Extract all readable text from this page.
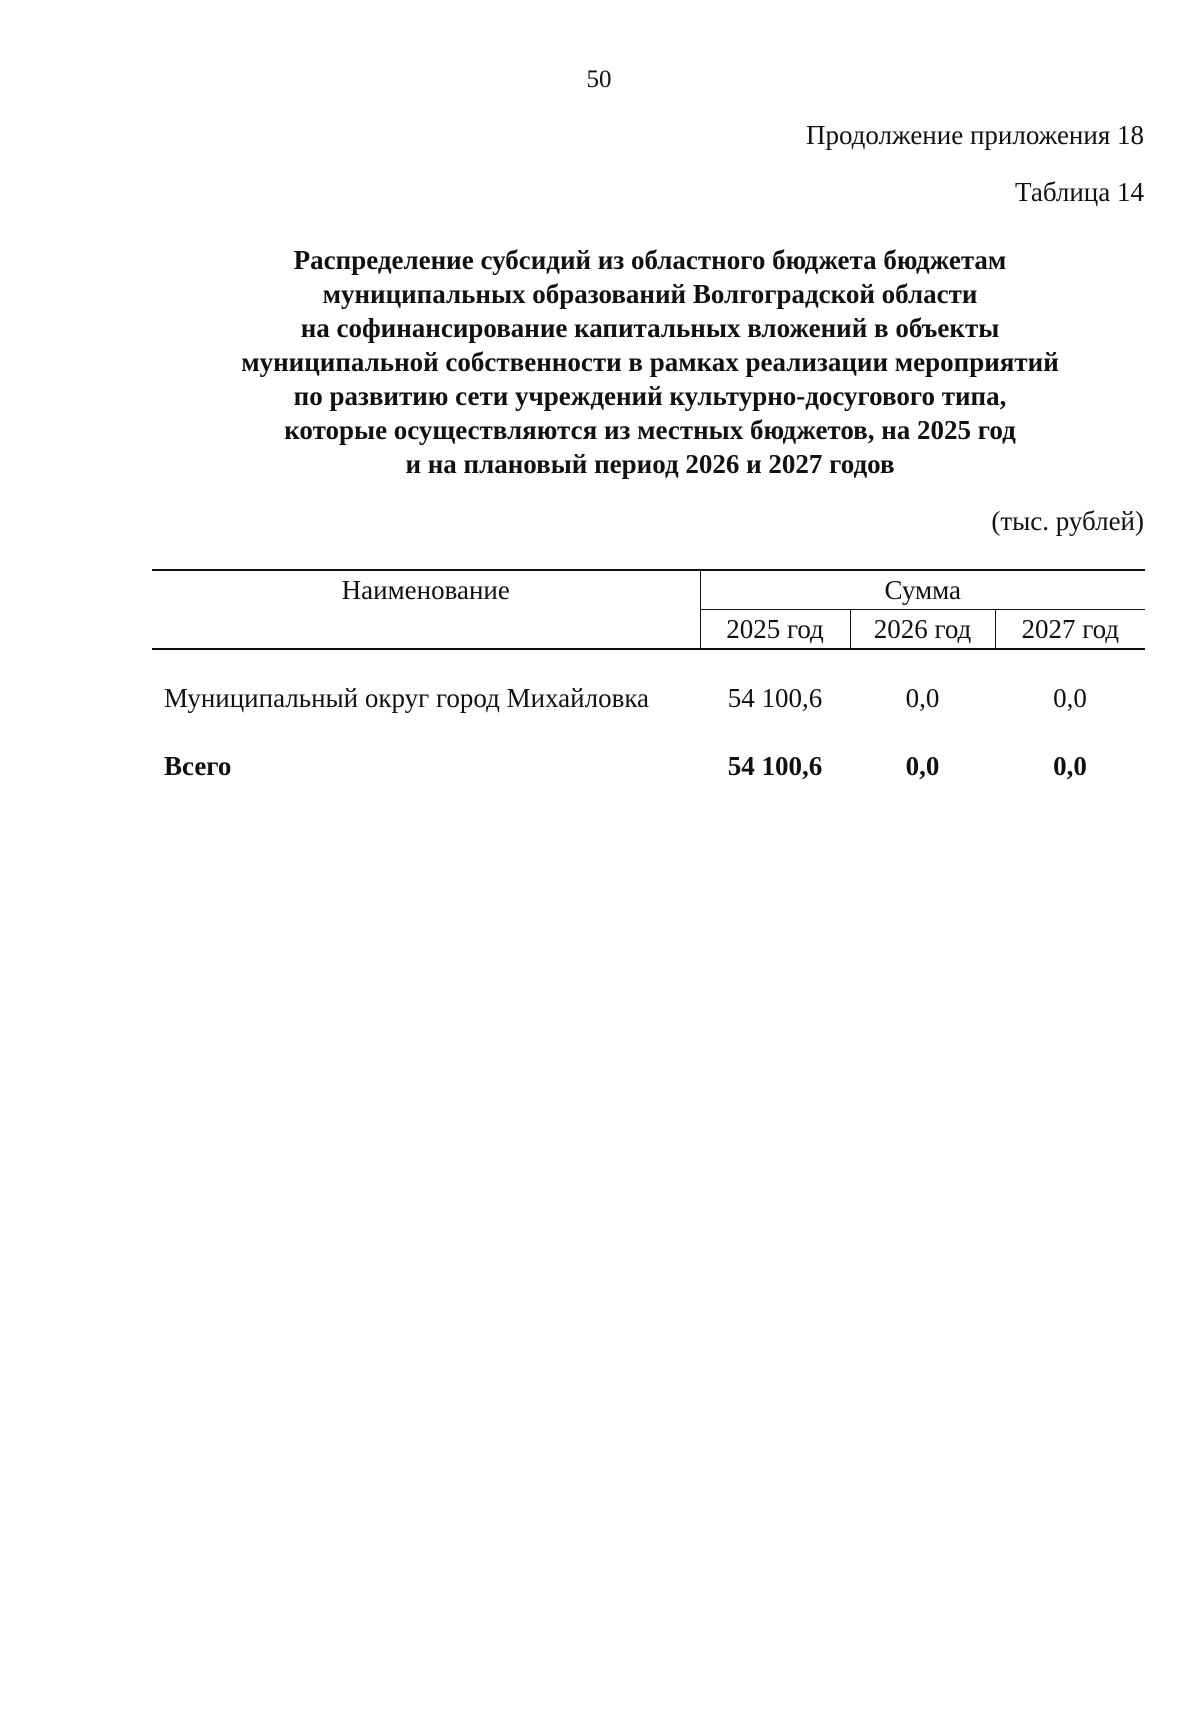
50
Продолжение приложения 18
Таблица 14
Распределение субсидий из областного бюджета бюджетам
муниципальных образований Волгоградской области
на софинансирование капитальных вложений в объекты
муниципальной собственности в рамках реализации мероприятий
по развитию сети учреждений культурно-досугового типа,
которые осуществляются из местных бюджетов, на 2025 год
и на плановый период 2026 и 2027 годов
(тыс. рублей)
Наименование	Сумма		
	2025 год	2026 год	2027 год

Муниципальный округ город Михайловка	54 100,6	0,0	0,0
Всего	54 100,6	0,0	0,0
